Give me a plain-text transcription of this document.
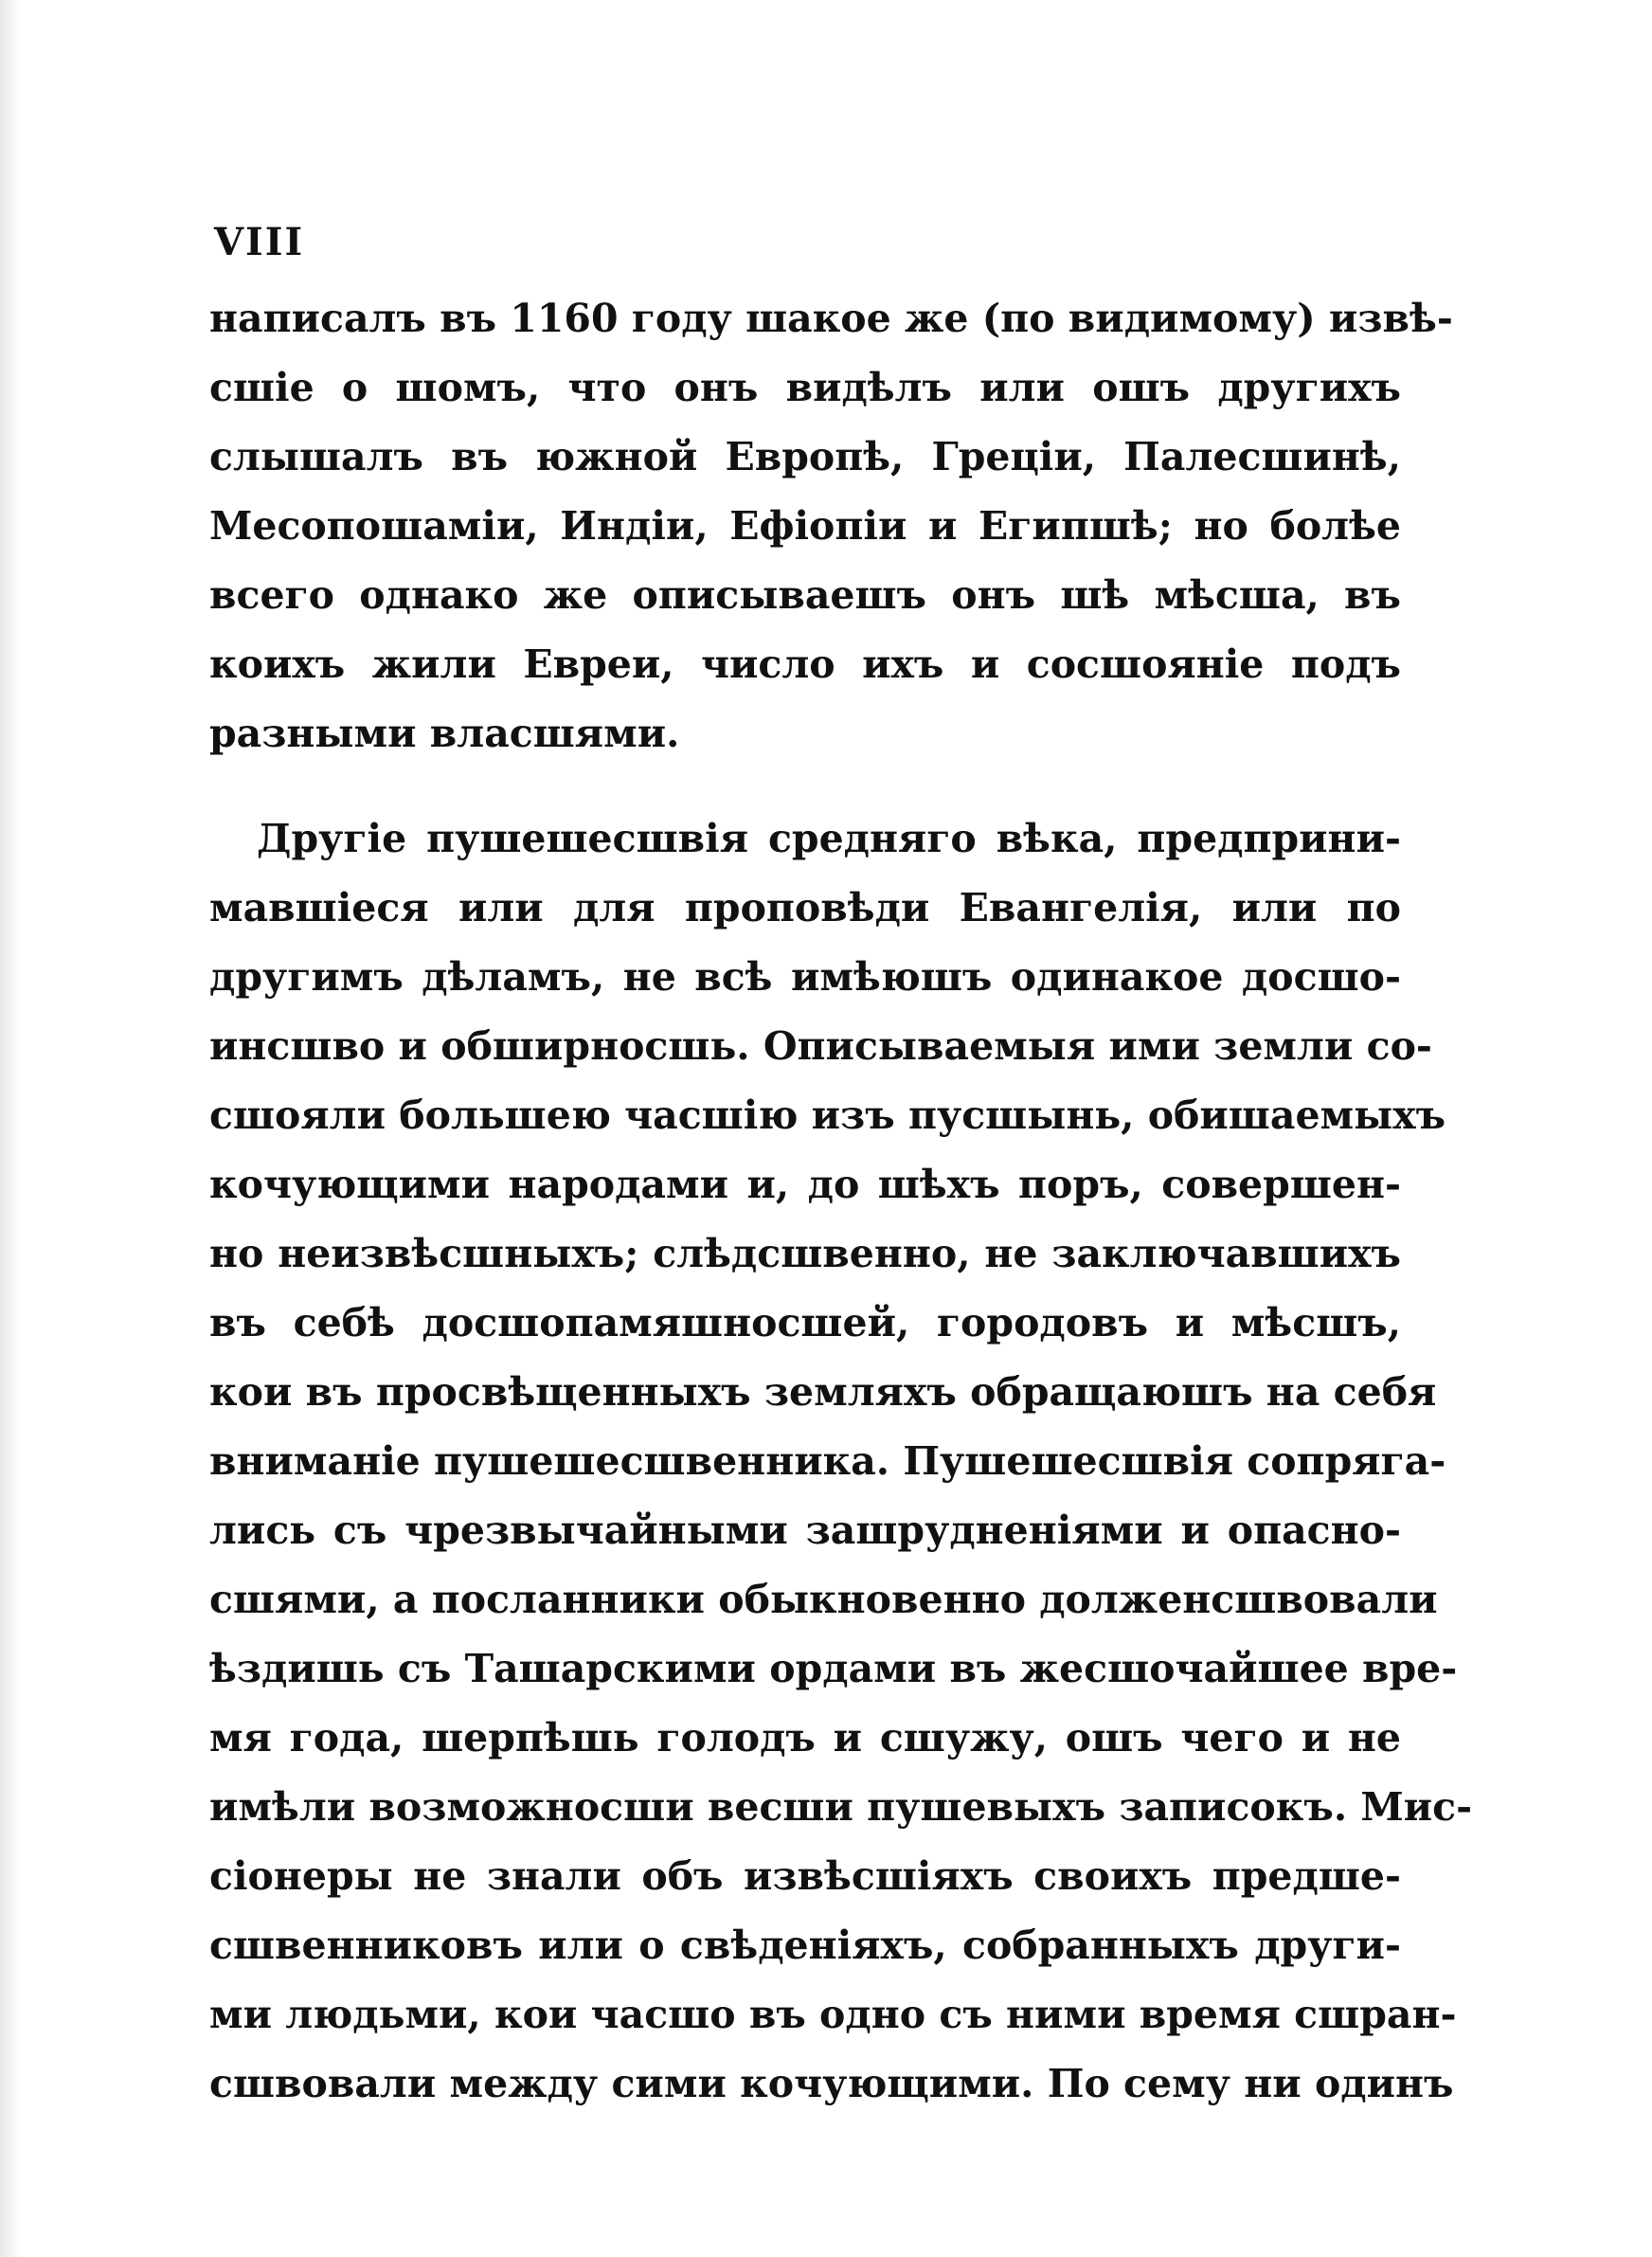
VIII
написалъ въ 1160 году шакое же (по видимому) извѣ-
сшіе о шомъ, что онъ видѣлъ или ошъ другихъ
слышалъ въ южной Европѣ, Греціи, Палесшинѣ,
Месопошаміи, Индіи, Ефіопіи и Египшѣ; но болѣе
всего однако же описываешъ онъ шѣ мѣсша, въ
коихъ жили Евреи, число ихъ и сосшояніе подъ
разными власшями.
Другіе пушешесшвія средняго вѣка, предприни-
мавшіеся или для проповѣди Евангелія, или по
другимъ дѣламъ, не всѣ имѣюшъ одинакое досшо-
инсшво и обширносшь. Описываемыя ими земли со-
сшояли большею часшію изъ пусшынь, обишаемыхъ
кочующими народами и, до шѣхъ поръ, совершен-
но неизвѣсшныхъ; слѣдсшвенно, не заключавшихъ
въ себѣ досшопамяшносшей, городовъ и мѣсшъ,
кои въ просвѣщенныхъ земляхъ обращаюшъ на себя
вниманіе пушешесшвенника. Пушешесшвія сопряга-
лись съ чрезвычайными зашрудненіями и опасно-
сшями, а посланники обыкновенно долженсшвовали
ѣздишь съ Ташарскими ордами въ жесшочайшее вре-
мя года, шерпѣшь голодъ и сшужу, ошъ чего и не
имѣли возможносши весши пушевыхъ записокъ. Мис-
сіонеры не знали объ извѣсшіяхъ своихъ предше-
сшвенниковъ или о свѣденіяхъ, собранныхъ други-
ми людьми, кои часшо въ одно съ ними время сшран-
сшвовали между сими кочующими. По сему ни одинъ
